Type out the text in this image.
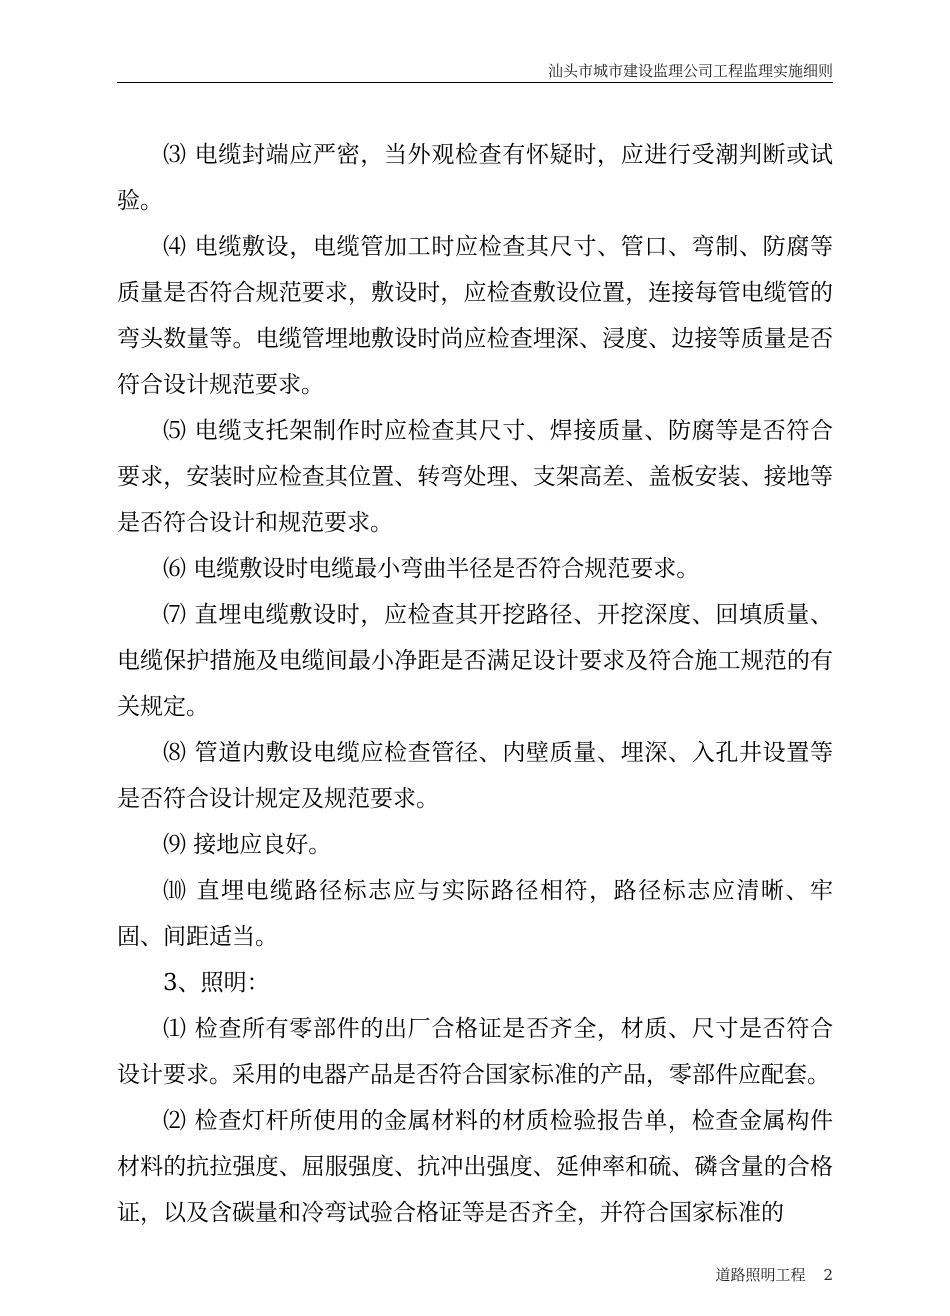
汕头市城市建设监理公司工程监理实施细则

⑶ 电缆封端应严密，当外观检查有怀疑时，应进行受潮判断或试验。

⑷ 电缆敷设，电缆管加工时应检查其尺寸、管口、弯制、防腐等质量是否符合规范要求，敷设时，应检查敷设位置，连接每管电缆管的弯头数量等。电缆管埋地敷设时尚应检查埋深、浸度、边接等质量是否符合设计规范要求。

⑸ 电缆支托架制作时应检查其尺寸、焊接质量、防腐等是否符合要求，安装时应检查其位置、转弯处理、支架高差、盖板安装、接地等是否符合设计和规范要求。

⑹ 电缆敷设时电缆最小弯曲半径是否符合规范要求。

⑺ 直埋电缆敷设时，应检查其开挖路径、开挖深度、回填质量、电缆保护措施及电缆间最小净距是否满足设计要求及符合施工规范的有关规定。

⑻ 管道内敷设电缆应检查管径、内壁质量、埋深、入孔井设置等是否符合设计规定及规范要求。

⑼ 接地应良好。

⑽ 直埋电缆路径标志应与实际路径相符，路径标志应清晰、牢固、间距适当。

3、照明：

⑴ 检查所有零部件的出厂合格证是否齐全，材质、尺寸是否符合设计要求。采用的电器产品是否符合国家标准的产品，零部件应配套。

⑵ 检查灯杆所使用的金属材料的材质检验报告单，检查金属构件材料的抗拉强度、屈服强度、抗冲出强度、延伸率和硫、磷含量的合格证，以及含碳量和冷弯试验合格证等是否齐全，并符合国家标准的

道路照明工程 2
